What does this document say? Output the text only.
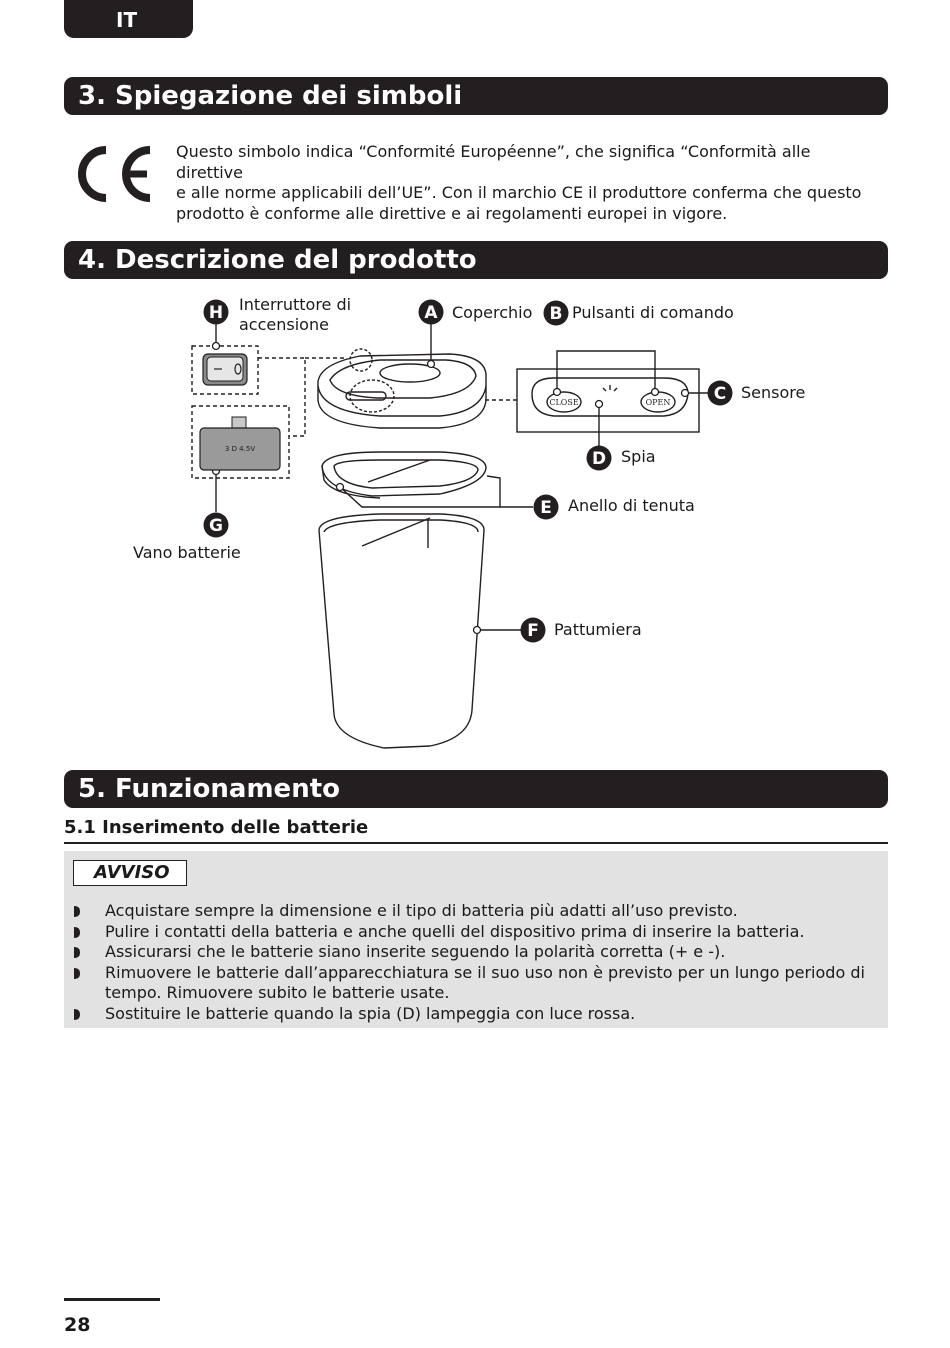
IT
3. Spiegazione dei simboli
Questo simbolo indica “Conformité Européenne”, che significa “Conformità alle direttive
e alle norme applicabili dell’UE”. Con il marchio CE il produttore conferma che questo
prodotto è conforme alle direttive e ai regolamenti europei in vigore.
4. Descrizione del prodotto
3 D 4.5V
CLOSE	OPEN
H	A	B
C
D
E
F
G
Interruttore di
accensione
Coperchio Pulsanti di comando
Sensore
Spia
Anello di tenuta
Pattumiera
Vano batterie
5. Funzionamento
5.1 Inserimento delle batterie
AVVISO
Acquistare sempre la dimensione e il tipo di batteria più adatti all’uso previsto.
Pulire i contatti della batteria e anche quelli del dispositivo prima di inserire la batteria.
Assicurarsi che le batterie siano inserite seguendo la polarità corretta (+ e -).
Rimuovere le batterie dall’apparecchiatura se il suo uso non è previsto per un lungo periodo di
tempo. Rimuovere subito le batterie usate.
Sostituire le batterie quando la spia (D) lampeggia con luce rossa.
28
